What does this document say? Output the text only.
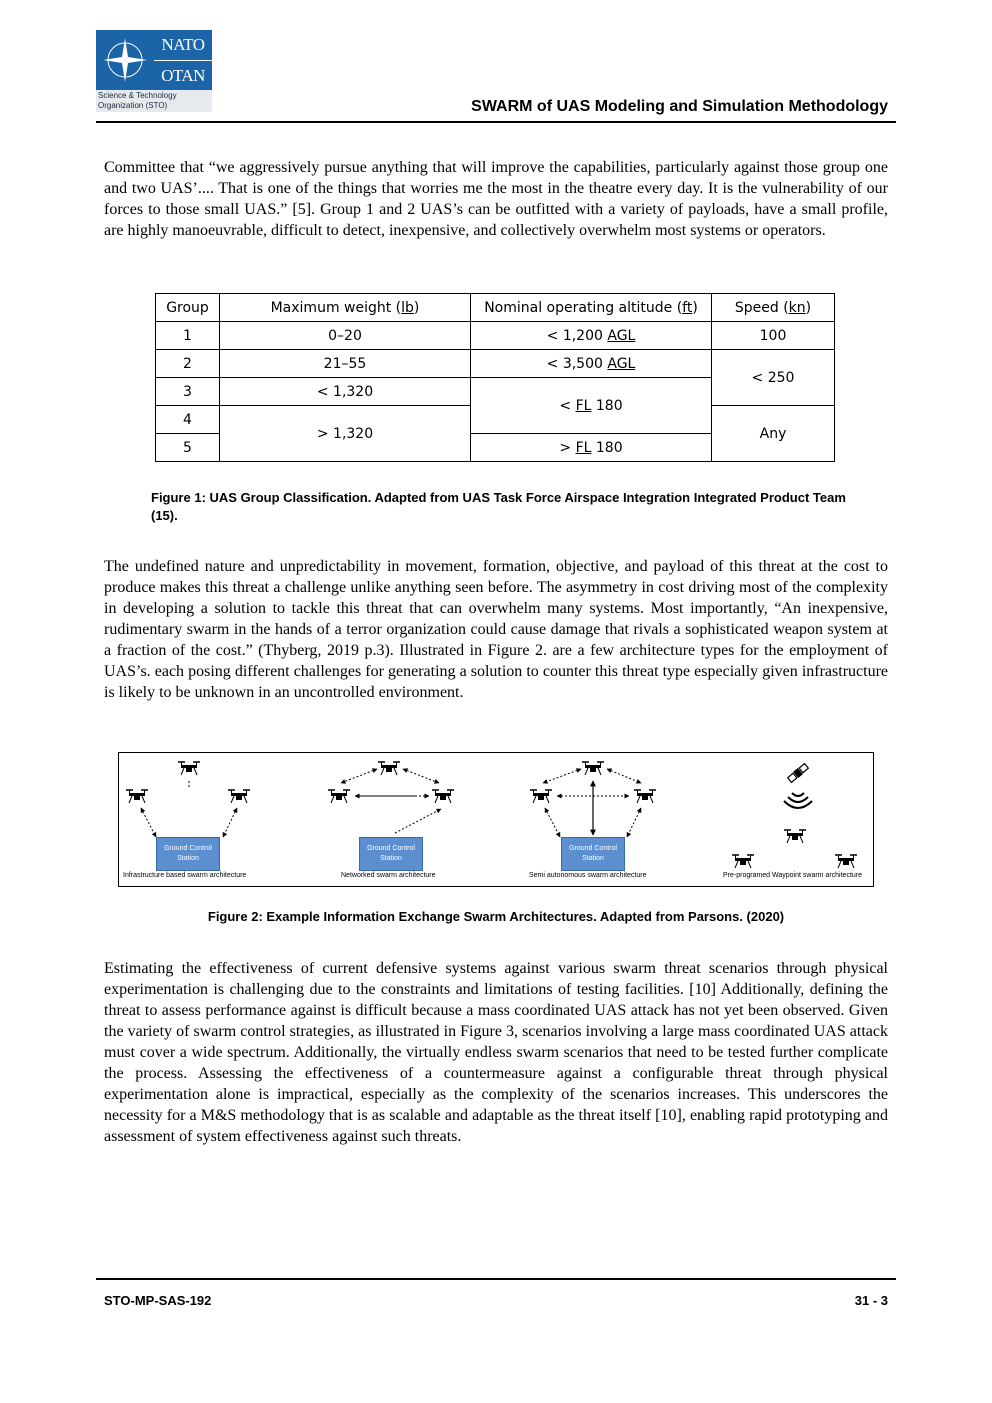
NATO
OTAN
Science & Technology Organization (STO)	SWARM of UAS Modeling and Simulation Methodology
Committee that “we aggressively pursue anything that will improve the capabilities, particularly against those group one and two UAS’.... That is one of the things that worries me the most in the theatre every day. It is the vulnerability of our forces to those small UAS.” [5]. Group 1 and 2 UAS’s can be outfitted with a variety of payloads, have a small profile, are highly manoeuvrable, difficult to detect, inexpensive, and collectively overwhelm most systems or operators.
Group	Maximum weight (lb)	Nominal operating altitude (ft)	Speed (kn)
1	0–20	< 1,200 AGL	100
2	21–55	< 3,500 AGL	< 250
3	< 1,320	< FL 180	
4	> 1,320		Any
5		> FL 180	
Figure 1: UAS Group Classification. Adapted from UAS Task Force Airspace Integration Integrated Product Team (15).
The undefined nature and unpredictability in movement, formation, objective, and payload of this threat at the cost to produce makes this threat a challenge unlike anything seen before. The asymmetry in cost driving most of the complexity in developing a solution to tackle this threat that can overwhelm many systems. Most importantly, “An inexpensive, rudimentary swarm in the hands of a terror organization could cause damage that rivals a sophisticated weapon system at a fraction of the cost.” (Thyberg, 2019 p.3). Illustrated in Figure 2. are a few architecture types for the employment of UAS’s. each posing different challenges for generating a solution to counter this threat type especially given infrastructure is likely to be unknown in an uncontrolled environment.
Ground Control Station
Ground Control Station
Ground Control Station
Infrastructure based swarm architecture	Networked swarm architecture	Semi autonomous swarm architecture	Pre-programed Waypoint swarm architecture
Figure 2: Example Information Exchange Swarm Architectures. Adapted from Parsons. (2020)
Estimating the effectiveness of current defensive systems against various swarm threat scenarios through physical experimentation is challenging due to the constraints and limitations of testing facilities. [10] Additionally, defining the threat to assess performance against is difficult because a mass coordinated UAS attack has not yet been observed. Given the variety of swarm control strategies, as illustrated in Figure 3, scenarios involving a large mass coordinated UAS attack must cover a wide spectrum. Additionally, the virtually endless swarm scenarios that need to be tested further complicate the process. Assessing the effectiveness of a countermeasure against a configurable threat through physical experimentation alone is impractical, especially as the complexity of the scenarios increases. This underscores the necessity for a M&S methodology that is as scalable and adaptable as the threat itself [10], enabling rapid prototyping and assessment of system effectiveness against such threats.
STO-MP-SAS-192	31 - 3
